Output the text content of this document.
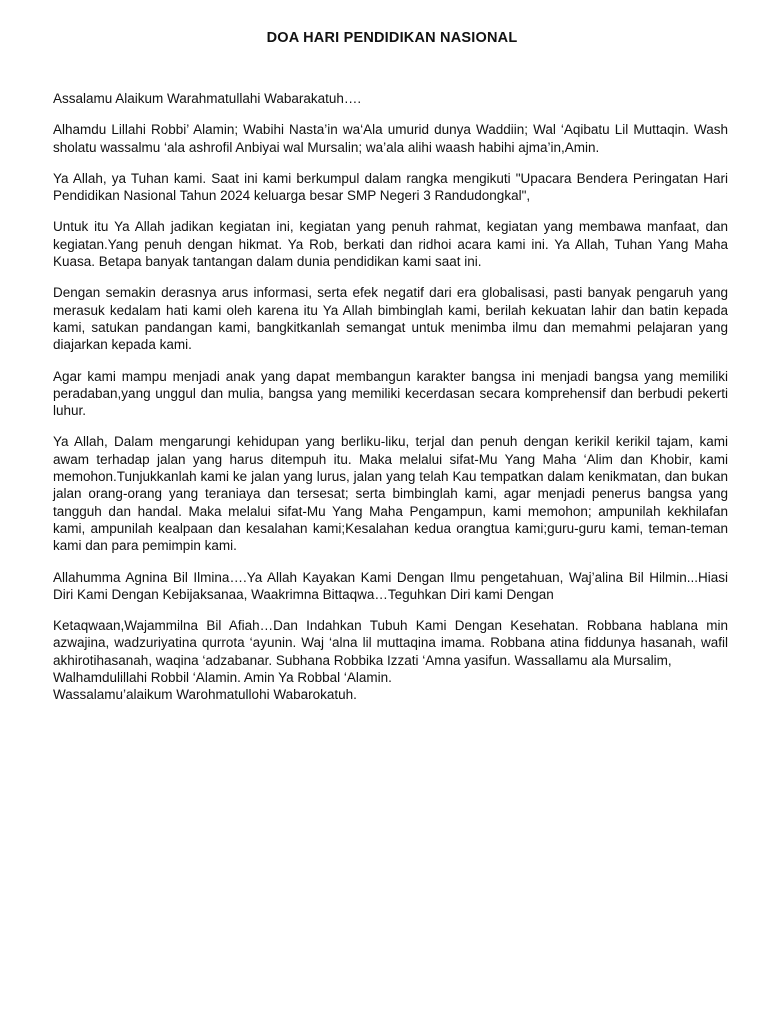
DOA HARI PENDIDIKAN NASIONAL

Assalamu Alaikum Warahmatullahi Wabarakatuh….

Alhamdu Lillahi Robbi’ Alamin; Wabihi Nasta’in wa‘Ala umurid dunya Waddiin; Wal ‘Aqibatu Lil Muttaqin. Wash sholatu wassalmu ‘ala ashrofil Anbiyai wal Mursalin; wa’ala alihi waash habihi ajma’in,Amin.

Ya Allah, ya Tuhan kami. Saat ini kami berkumpul dalam rangka mengikuti "Upacara Bendera Peringatan Hari Pendidikan Nasional Tahun 2024 keluarga besar SMP Negeri 3 Randudongkal",

Untuk itu Ya Allah jadikan kegiatan ini, kegiatan yang penuh rahmat, kegiatan yang membawa manfaat, dan kegiatan.Yang penuh dengan hikmat. Ya Rob, berkati dan ridhoi acara kami ini. Ya Allah, Tuhan Yang Maha Kuasa. Betapa banyak tantangan dalam dunia pendidikan kami saat ini.

Dengan semakin derasnya arus informasi, serta efek negatif dari era globalisasi, pasti banyak pengaruh yang merasuk kedalam hati kami oleh karena itu Ya Allah bimbinglah kami, berilah kekuatan lahir dan batin kepada kami, satukan pandangan kami, bangkitkanlah semangat untuk menimba ilmu dan memahmi pelajaran yang diajarkan kepada kami.

Agar kami mampu menjadi anak yang dapat membangun karakter bangsa ini menjadi bangsa yang memiliki peradaban,yang unggul dan mulia, bangsa yang memiliki kecerdasan secara komprehensif dan berbudi pekerti luhur.

Ya Allah, Dalam mengarungi kehidupan yang berliku-liku, terjal dan penuh dengan kerikil kerikil tajam, kami awam terhadap jalan yang harus ditempuh itu. Maka melalui sifat-Mu Yang Maha ‘Alim dan Khobir, kami memohon.Tunjukkanlah kami ke jalan yang lurus, jalan yang telah Kau tempatkan dalam kenikmatan, dan bukan jalan orang-orang yang teraniaya dan tersesat; serta bimbinglah kami, agar menjadi penerus bangsa yang tangguh dan handal. Maka melalui sifat-Mu Yang Maha Pengampun, kami memohon; ampunilah kekhilafan kami, ampunilah kealpaan dan kesalahan kami;Kesalahan kedua orangtua kami;guru-guru kami, teman-teman kami dan para pemimpin kami.

Allahumma Agnina Bil Ilmina….Ya Allah Kayakan Kami Dengan Ilmu pengetahuan, Waj’alina Bil Hilmin...Hiasi Diri Kami Dengan Kebijaksanaa, Waakrimna Bittaqwa…Teguhkan Diri kami Dengan

Ketaqwaan,Wajammilna Bil Afiah…Dan Indahkan Tubuh Kami Dengan Kesehatan. Robbana hablana min azwajina, wadzuriyatina qurrota ‘ayunin. Waj ‘alna lil muttaqina imama. Robbana atina fiddunya hasanah, wafil akhirotihasanah, waqina ‘adzabanar. Subhana Robbika Izzati ‘Amna yasifun. Wassallamu ala Mursalim,

Walhamdulillahi Robbil ‘Alamin. Amin Ya Robbal ‘Alamin.

Wassalamu’alaikum Warohmatullohi Wabarokatuh.
